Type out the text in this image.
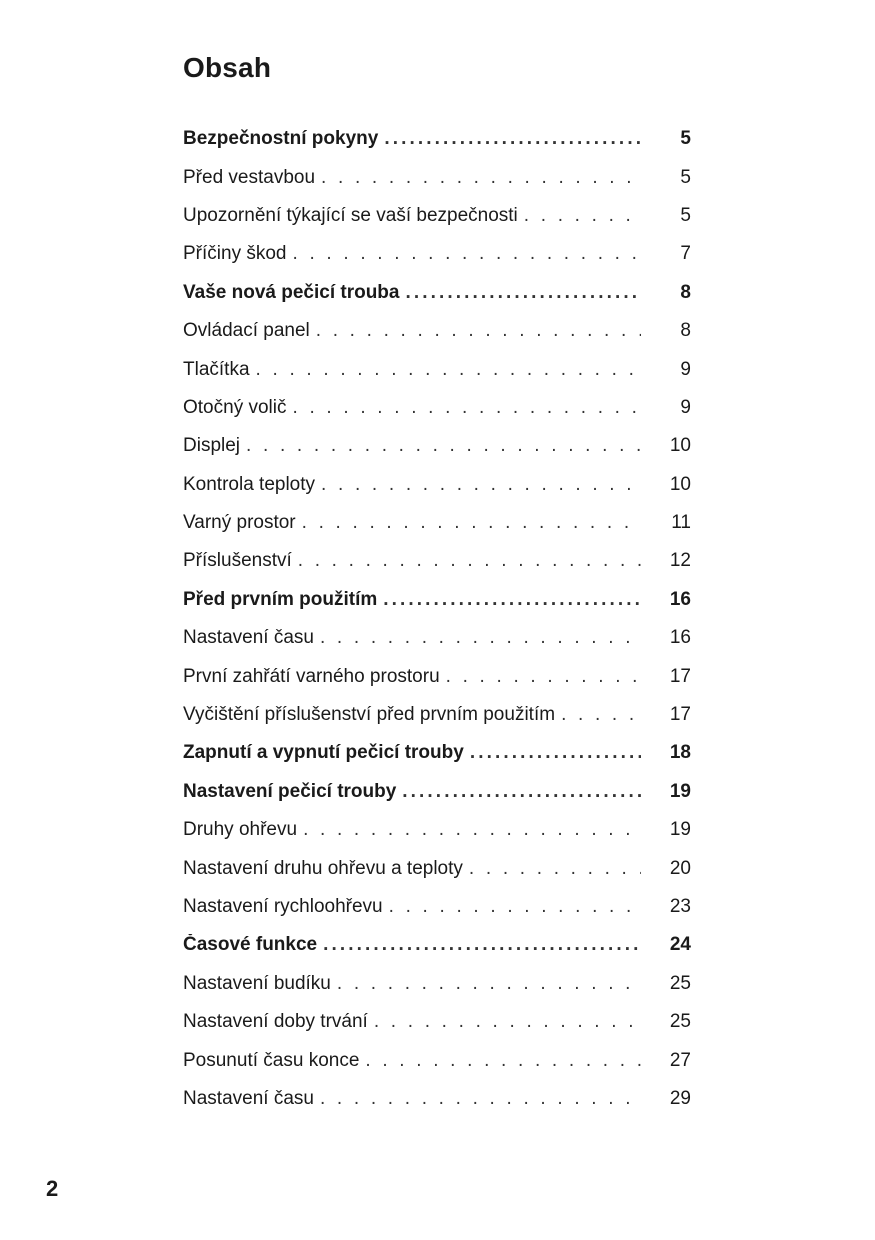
Obsah
Bezpečnostní pokyny .....	5
Před vestavbou . . .	5
Upozornění týkající se vaší bezpečnosti . . .	5
Příčiny škod . . .	7
Vaše nová pečicí trouba .....	8
Ovládací panel . . .	8
Tlačítka . . .	9
Otočný volič . . .	9
Displej . . .	10
Kontrola teploty . . .	10
Varný prostor . . .	11
Příslušenství . . .	12
Před prvním použitím .....	16
Nastavení času . . .	16
První zahřátí varného prostoru . . .	17
Vyčištění příslušenství před prvním použitím . . .	17
Zapnutí a vypnutí pečicí trouby .....	18
Nastavení pečicí trouby .....	19
Druhy ohřevu . . .	19
Nastavení druhu ohřevu a teploty . . .	20
Nastavení rychloohřevu . . .	23
Časové funkce .....	24
Nastavení budíku . . .	25
Nastavení doby trvání . . .	25
Posunutí času konce . . .	27
Nastavení času . . .	29
2
